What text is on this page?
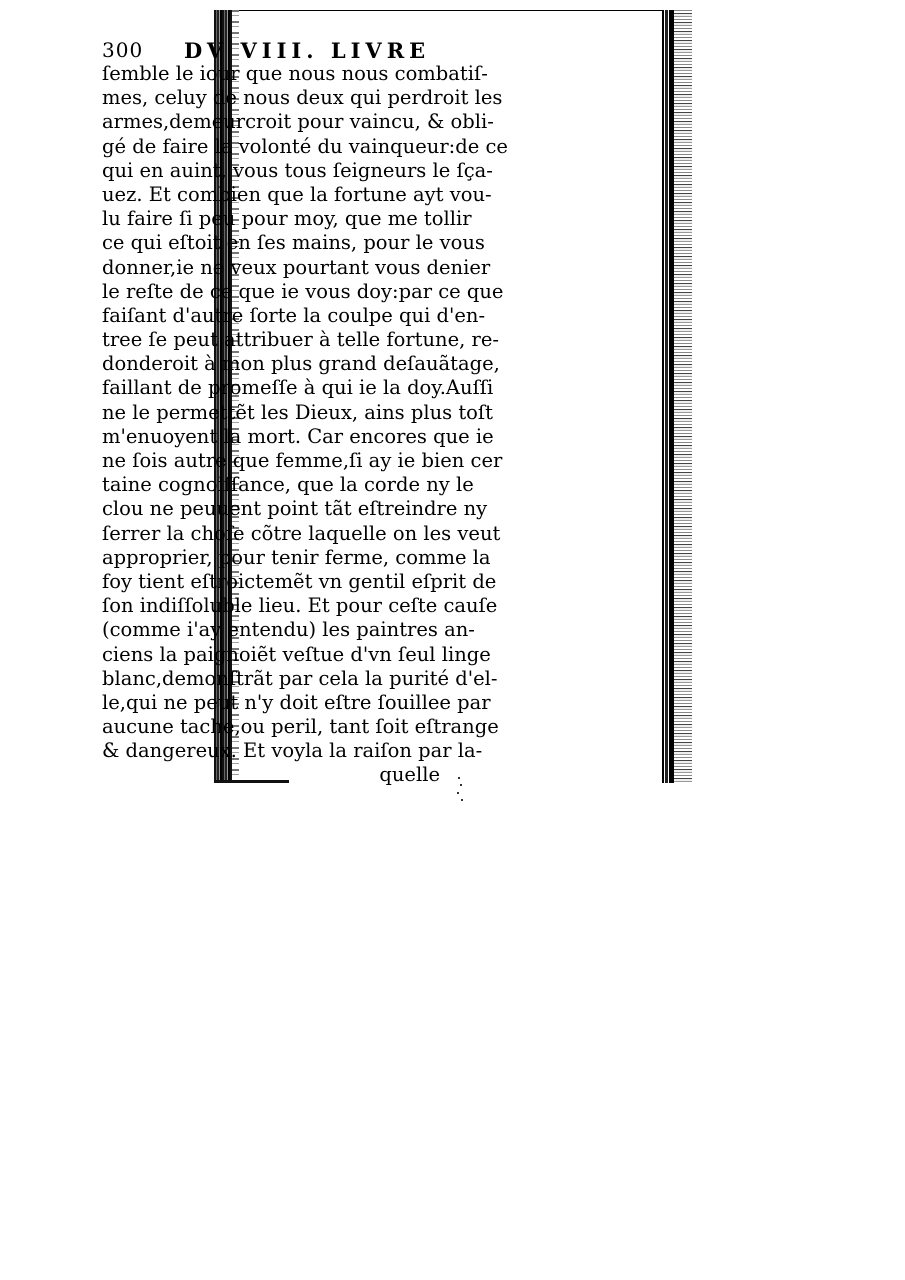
300 DV VIII. LIVRE
ſemble le iour que nous nous combatiſ-
mes, celuy de nous deux qui perdroit les
armes,demeurcroit pour vaincu, & obli-
gé de faire la volonté du vainqueur:de ce
qui en auint, vous tous ſeigneurs le ſça-
uez. Et combien que la fortune ayt vou-
lu faire ſi peu pour moy, que me tollir
ce qui eſtoit en ſes mains, pour le vous
donner,ie ne veux pourtant vous denier
le reſte de ce que ie vous doy:par ce que
faiſant d'autre ſorte la coulpe qui d'en-
tree ſe peut attribuer à telle fortune, re-
donderoit à mon plus grand deſauãtage,
faillant de promeſſe à qui ie la doy.Auſſi
ne le permettẽt les Dieux, ains plus toſt
m'enuoyent la mort. Car encores que ie
ne ſois autre que femme,ſi ay ie bien cer
taine cognoiſſance, que la corde ny le
clou ne peuuent point tãt eſtreindre ny
ſerrer la choſe cõtre laquelle on les veut
approprier, pour tenir ferme, comme la
foy tient eſtroictemẽt vn gentil eſprit de
ſon indiſſoluble lieu. Et pour ceſte cauſe
(comme i'ay entendu) les paintres an-
ciens la paignoiẽt veſtue d'vn ſeul linge
blanc,demonſtrãt par cela la purité d'el-
le,qui ne peut n'y doit eſtre ſouillee par
aucune tache,ou peril, tant ſoit eſtrange
& dangereux. Et voyla la raiſon par la-
quelle
